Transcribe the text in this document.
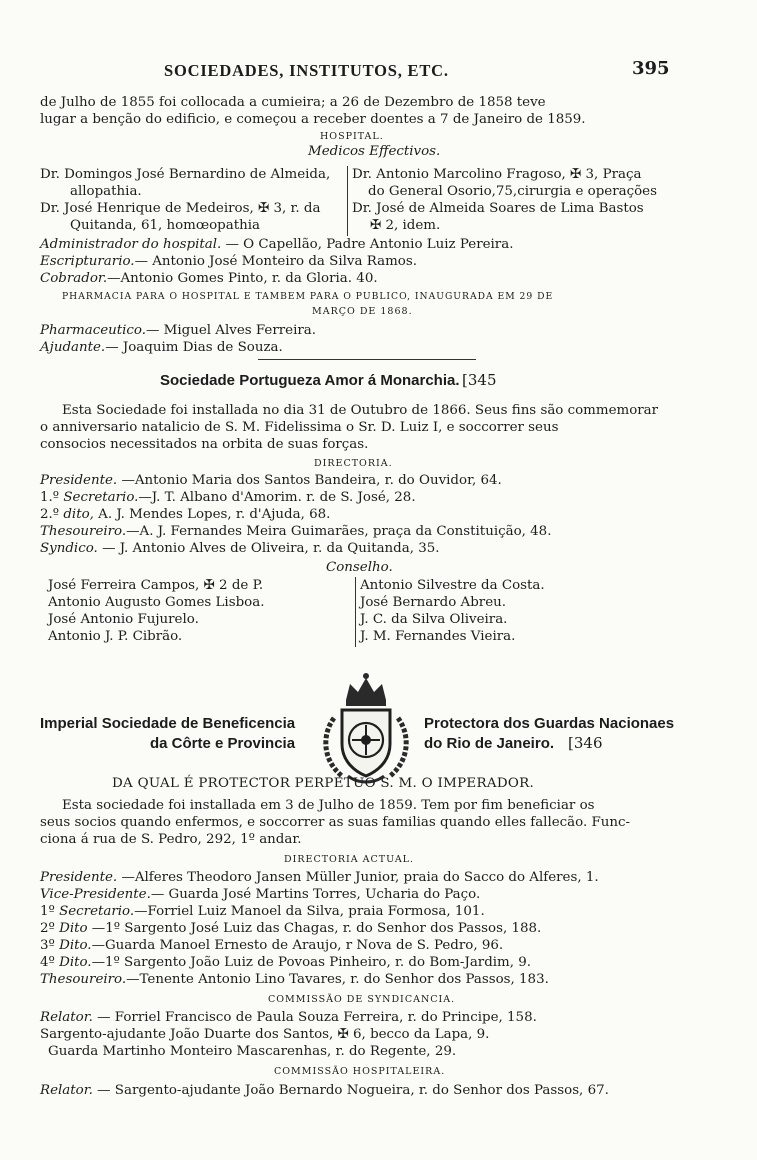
SOCIEDADES, INSTITUTOS, ETC.	395
de Julho de 1855 foi collocada a cumieira; a 26 de Dezembro de 1858 teve
lugar a benção do edificio, e começou a receber doentes a 7 de Janeiro de 1859.
HOSPITAL.
Medicos Effectivos.
Dr. Domingos José Bernardino de Almeida,
allopathia.
Dr. José Henrique de Medeiros, ✠ 3, r. da
Quitanda, 61, homœopathia
Dr. Antonio Marcolino Fragoso, ✠ 3, Praça
do General Osorio,75,cirurgia e operações
Dr. José de Almeida Soares de Lima Bastos
✠ 2, idem.
Administrador do hospital. — O Capellão, Padre Antonio Luiz Pereira.
Escripturario.— Antonio José Monteiro da Silva Ramos.
Cobrador.—Antonio Gomes Pinto, r. da Gloria. 40.
PHARMACIA PARA O HOSPITAL E TAMBEM PARA O PUBLICO, INAUGURADA EM 29 DE
MARÇO DE 1868.
Pharmaceutico.— Miguel Alves Ferreira.
Ajudante.— Joaquim Dias de Souza.
Sociedade Portugueza Amor á Monarchia. [345
Esta Sociedade foi installada no dia 31 de Outubro de 1866. Seus fins são commemorar
o anniversario natalicio de S. M. Fidelissima o Sr. D. Luiz I, e soccorrer seus
consocios necessitados na orbita de suas forças.
DIRECTORIA.
Presidente. —Antonio Maria dos Santos Bandeira, r. do Ouvidor, 64.
1.º Secretario.—J. T. Albano d'Amorim. r. de S. José, 28.
2.º dito, A. J. Mendes Lopes, r. d'Ajuda, 68.
Thesoureiro.—A. J. Fernandes Meira Guimarães, praça da Constituição, 48.
Syndico. — J. Antonio Alves de Oliveira, r. da Quitanda, 35.
Conselho.
José Ferreira Campos, ✠ 2 de P.
Antonio Augusto Gomes Lisboa.
José Antonio Fujurelo.
Antonio J. P. Cibrão.
Antonio Silvestre da Costa.
José Bernardo Abreu.
J. C. da Silva Oliveira.
J. M. Fernandes Vieira.
Imperial Sociedade de Beneficencia
da Côrte e Provincia
Protectora dos Guardas Nacionaes
do Rio de Janeiro. [346
DA QUAL É PROTECTOR PERPETUO S. M. O IMPERADOR.
Esta sociedade foi installada em 3 de Julho de 1859. Tem por fim beneficiar os
seus socios quando enfermos, e soccorrer as suas familias quando elles fallecão. Func-
ciona á rua de S. Pedro, 292, 1º andar.
DIRECTORIA ACTUAL.
Presidente. —Alferes Theodoro Jansen Müller Junior, praia do Sacco do Alferes, 1.
Vice-Presidente.— Guarda José Martins Torres, Ucharia do Paço.
1º Secretario.—Forriel Luiz Manoel da Silva, praia Formosa, 101.
2º Dito —1º Sargento José Luiz das Chagas, r. do Senhor dos Passos, 188.
3º Dito.—Guarda Manoel Ernesto de Araujo, r Nova de S. Pedro, 96.
4º Dito.—1º Sargento João Luiz de Povoas Pinheiro, r. do Bom-Jardim, 9.
Thesoureiro.—Tenente Antonio Lino Tavares, r. do Senhor dos Passos, 183.
COMMISSÃO DE SYNDICANCIA.
Relator. — Forriel Francisco de Paula Souza Ferreira, r. do Principe, 158.
Sargento-ajudante João Duarte dos Santos, ✠ 6, becco da Lapa, 9.
Guarda Martinho Monteiro Mascarenhas, r. do Regente, 29.
COMMISSÃO HOSPITALEIRA.
Relator. — Sargento-ajudante João Bernardo Nogueira, r. do Senhor dos Passos, 67.
